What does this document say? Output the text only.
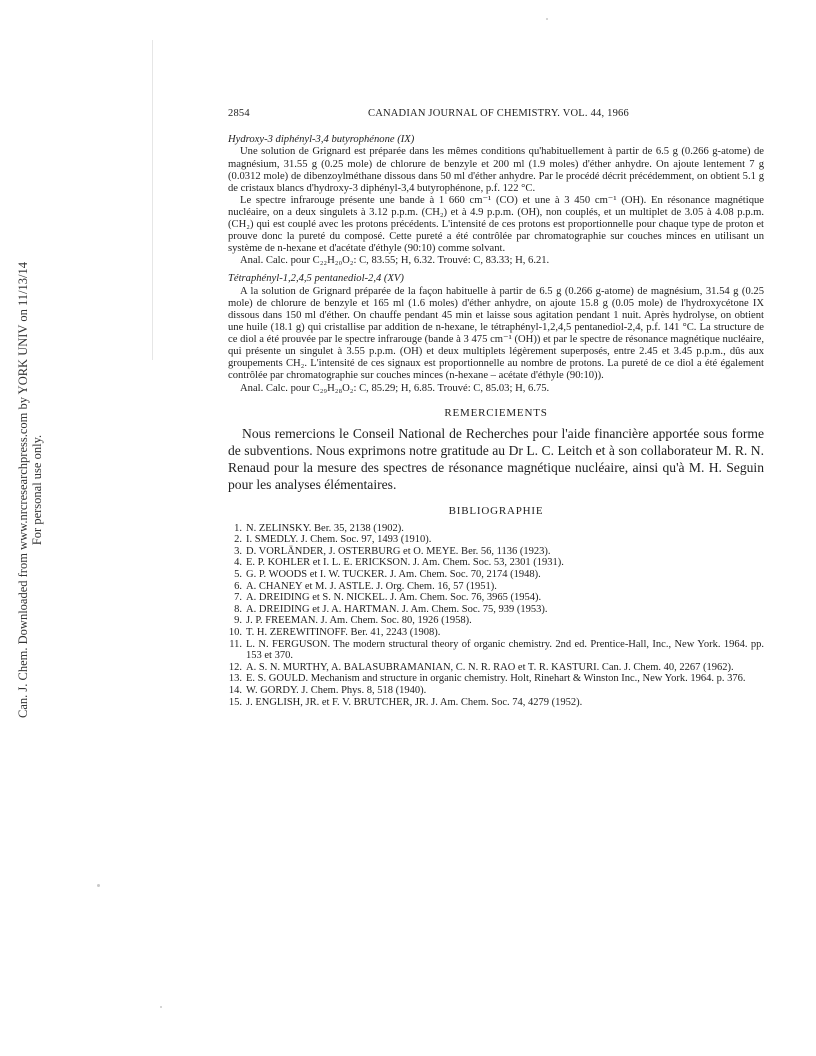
Can. J. Chem. Downloaded from www.nrcresearchpress.com by YORK UNIV on 11/13/14 For personal use only.
2854	CANADIAN JOURNAL OF CHEMISTRY. VOL. 44, 1966
Hydroxy-3 diphényl-3,4 butyrophénone (IX)

Une solution de Grignard est préparée dans les mêmes conditions qu'habituellement à partir de 6.5 g (0.266 g-atome) de magnésium, 31.55 g (0.25 mole) de chlorure de benzyle et 200 ml (1.9 moles) d'éther anhydre. On ajoute lentement 7 g (0.0312 mole) de dibenzoylméthane dissous dans 50 ml d'éther anhydre. Par le procédé décrit précédemment, on obtient 5.1 g de cristaux blancs d'hydroxy-3 diphényl-3,4 butyrophénone, p.f. 122 °C.

Le spectre infrarouge présente une bande à 1 660 cm⁻¹ (CO) et une à 3 450 cm⁻¹ (OH). En résonance magnétique nucléaire, on a deux singulets à 3.12 p.p.m. (CH₂) et à 4.9 p.p.m. (OH), non couplés, et un multiplet de 3.05 à 4.08 p.p.m. (CH₂) qui est couplé avec les protons précédents. L'intensité de ces protons est proportionnelle pour chaque type de proton et prouve donc la pureté du composé. Cette pureté a été contrôlée par chromatographie sur couches minces en utilisant un système de n-hexane et d'acétate d'éthyle (90:10) comme solvant.

Anal. Calc. pour C₂₂H₂₀O₂: C, 83.55; H, 6.32. Trouvé: C, 83.33; H, 6.21.

Tétraphényl-1,2,4,5 pentanediol-2,4 (XV)

A la solution de Grignard préparée de la façon habituelle à partir de 6.5 g (0.266 g-atome) de magnésium, 31.54 g (0.25 mole) de chlorure de benzyle et 165 ml (1.6 moles) d'éther anhydre, on ajoute 15.8 g (0.05 mole) de l'hydroxycétone IX dissous dans 150 ml d'éther. On chauffe pendant 45 min et laisse sous agitation pendant 1 nuit. Après hydrolyse, on obtient une huile (18.1 g) qui cristallise par addition de n-hexane, le tétraphényl-1,2,4,5 pentanediol-2,4, p.f. 141 °C. La structure de ce diol a été prouvée par le spectre infrarouge (bande à 3 475 cm⁻¹ (OH)) et par le spectre de résonance magnétique nucléaire, qui présente un singulet à 3.55 p.p.m. (OH) et deux multiplets légèrement superposés, entre 2.45 et 3.45 p.p.m., dûs aux groupements CH₂. L'intensité de ces signaux est proportionnelle au nombre de protons. La pureté de ce diol a été également contrôlée par chromatographie sur couches minces (n-hexane – acétate d'éthyle (90:10)).

Anal. Calc. pour C₂₉H₂₈O₂: C, 85.29; H, 6.85. Trouvé: C, 85.03; H, 6.75.

REMERCIEMENTS

Nous remercions le Conseil National de Recherches pour l'aide financière apportée sous forme de subventions. Nous exprimons notre gratitude au Dr L. C. Leitch et à son collaborateur M. R. N. Renaud pour la mesure des spectres de résonance magnétique nucléaire, ainsi qu'à M. H. Seguin pour les analyses élémentaires.

BIBLIOGRAPHIE
1. N. ZELINSKY. Ber. 35, 2138 (1902).
2. I. SMEDLY. J. Chem. Soc. 97, 1493 (1910).
3. D. VORLÄNDER, J. OSTERBURG et O. MEYE. Ber. 56, 1136 (1923).
4. E. P. KOHLER et I. L. E. ERICKSON. J. Am. Chem. Soc. 53, 2301 (1931).
5. G. P. WOODS et I. W. TUCKER. J. Am. Chem. Soc. 70, 2174 (1948).
6. A. CHANEY et M. J. ASTLE. J. Org. Chem. 16, 57 (1951).
7. A. DREIDING et S. N. NICKEL. J. Am. Chem. Soc. 76, 3965 (1954).
8. A. DREIDING et J. A. HARTMAN. J. Am. Chem. Soc. 75, 939 (1953).
9. J. P. FREEMAN. J. Am. Chem. Soc. 80, 1926 (1958).
10. T. H. ZEREWITINOFF. Ber. 41, 2243 (1908).
11. L. N. FERGUSON. The modern structural theory of organic chemistry. 2nd ed. Prentice-Hall, Inc., New York. 1964. pp. 153 et 370.
12. A. S. N. MURTHY, A. BALASUBRAMANIAN, C. N. R. RAO et T. R. KASTURI. Can. J. Chem. 40, 2267 (1962).
13. E. S. GOULD. Mechanism and structure in organic chemistry. Holt, Rinehart & Winston Inc., New York. 1964. p. 376.
14. W. GORDY. J. Chem. Phys. 8, 518 (1940).
15. J. ENGLISH, JR. et F. V. BRUTCHER, JR. J. Am. Chem. Soc. 74, 4279 (1952).
